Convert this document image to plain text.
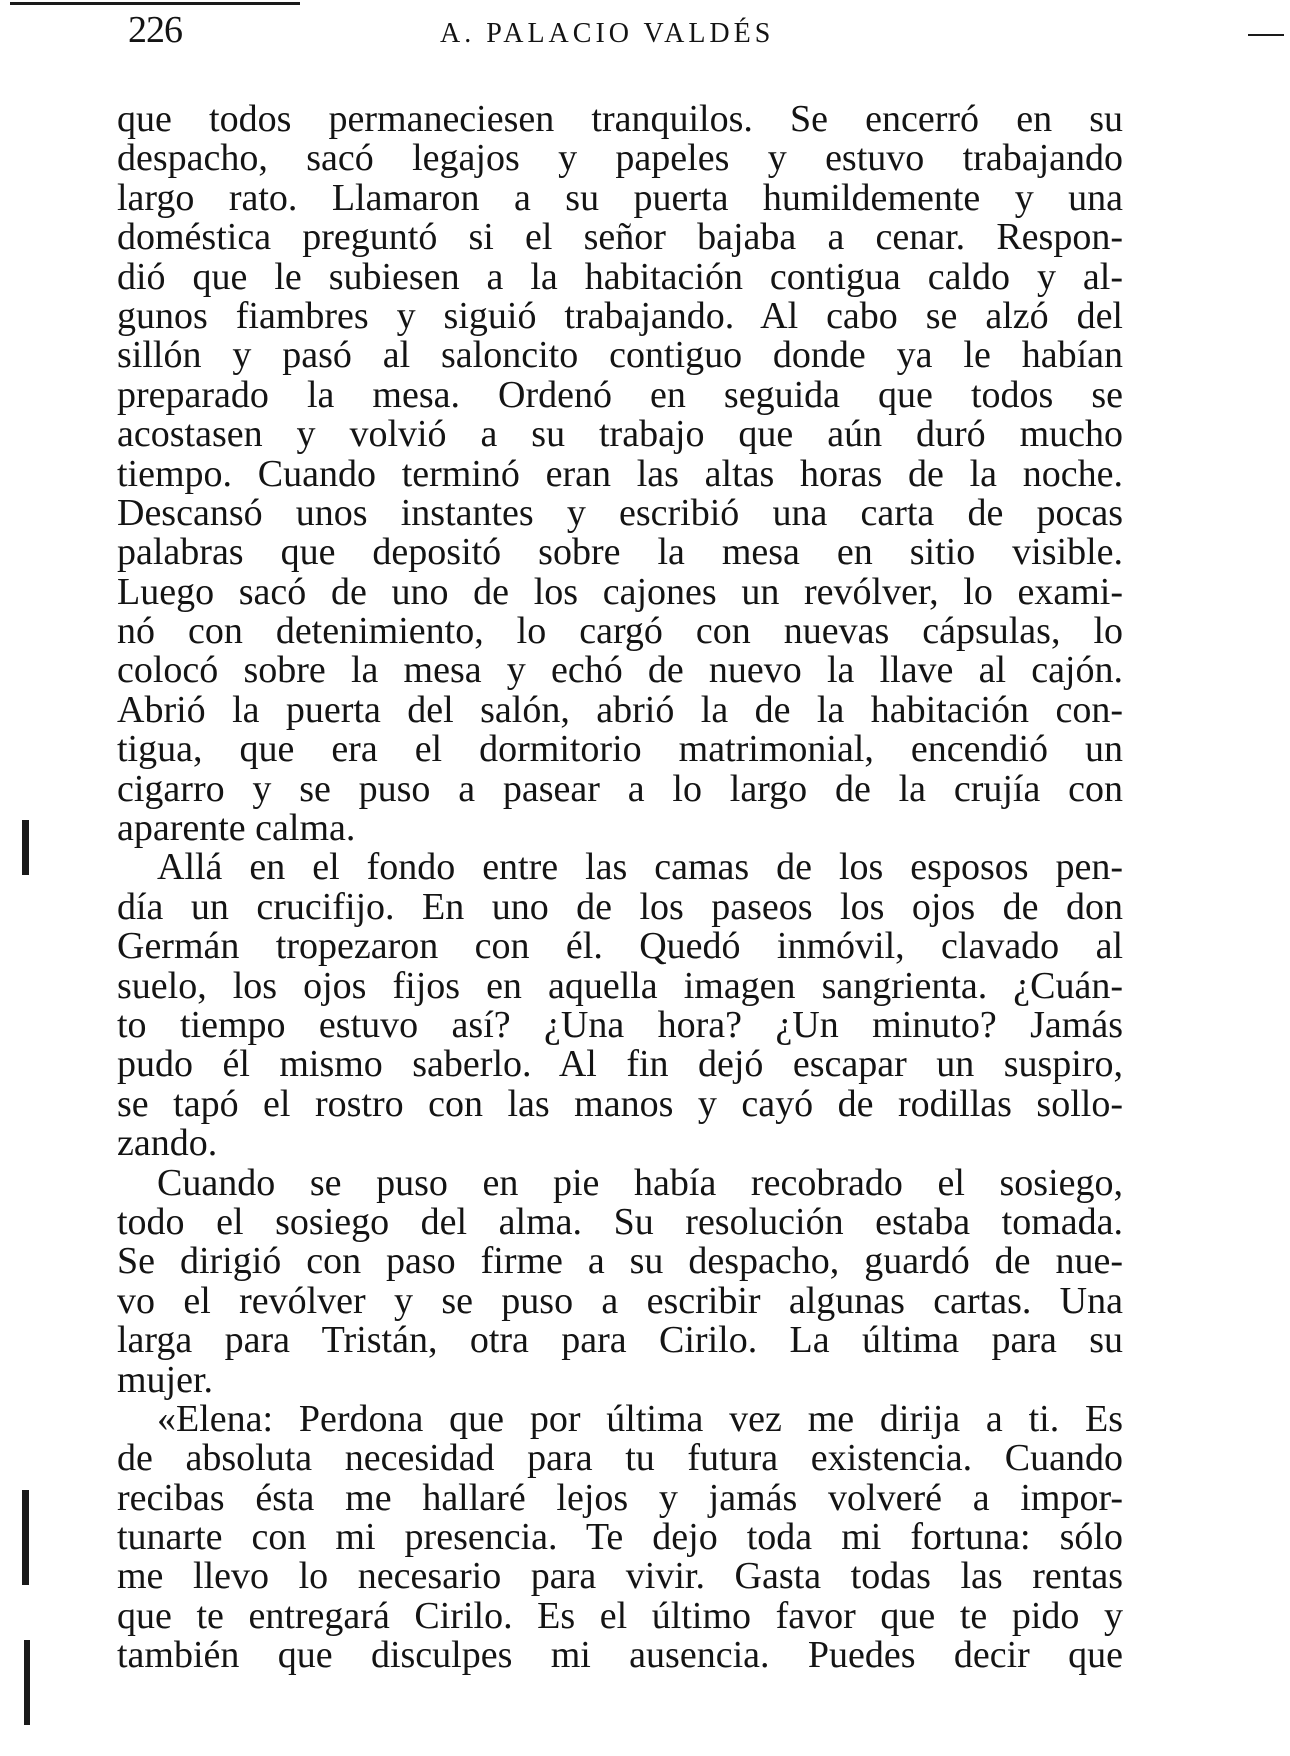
226	A. PALACIO VALDÉS
que todos permaneciesen tranquilos. Se encerró en su
despacho, sacó legajos y papeles y estuvo trabajando
largo rato. Llamaron a su puerta humildemente y una
doméstica preguntó si el señor bajaba a cenar. Respon-
dió que le subiesen a la habitación contigua caldo y al-
gunos fiambres y siguió trabajando. Al cabo se alzó del
sillón y pasó al saloncito contiguo donde ya le habían
preparado la mesa. Ordenó en seguida que todos se
acostasen y volvió a su trabajo que aún duró mucho
tiempo. Cuando terminó eran las altas horas de la noche.
Descansó unos instantes y escribió una carta de pocas
palabras que depositó sobre la mesa en sitio visible.
Luego sacó de uno de los cajones un revólver, lo exami-
nó con detenimiento, lo cargó con nuevas cápsulas, lo
colocó sobre la mesa y echó de nuevo la llave al cajón.
Abrió la puerta del salón, abrió la de la habitación con-
tigua, que era el dormitorio matrimonial, encendió un
cigarro y se puso a pasear a lo largo de la crujía con
aparente calma.
Allá en el fondo entre las camas de los esposos pen-
día un crucifijo. En uno de los paseos los ojos de don
Germán tropezaron con él. Quedó inmóvil, clavado al
suelo, los ojos fijos en aquella imagen sangrienta. ¿Cuán-
to tiempo estuvo así? ¿Una hora? ¿Un minuto? Jamás
pudo él mismo saberlo. Al fin dejó escapar un suspiro,
se tapó el rostro con las manos y cayó de rodillas sollo-
zando.
Cuando se puso en pie había recobrado el sosiego,
todo el sosiego del alma. Su resolución estaba tomada.
Se dirigió con paso firme a su despacho, guardó de nue-
vo el revólver y se puso a escribir algunas cartas. Una
larga para Tristán, otra para Cirilo. La última para su
mujer.
«Elena: Perdona que por última vez me dirija a ti. Es
de absoluta necesidad para tu futura existencia. Cuando
recibas ésta me hallaré lejos y jamás volveré a impor-
tunarte con mi presencia. Te dejo toda mi fortuna: sólo
me llevo lo necesario para vivir. Gasta todas las rentas
que te entregará Cirilo. Es el último favor que te pido y
también que disculpes mi ausencia. Puedes decir que
